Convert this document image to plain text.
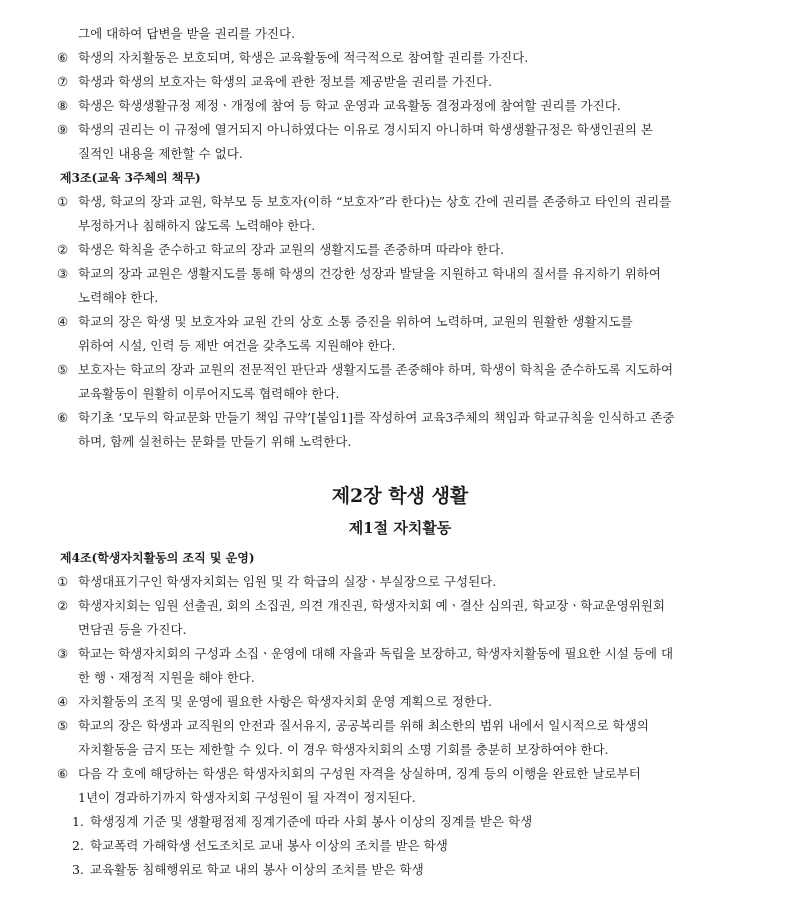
그에 대하여 답변을 받을 권리를 가진다.
⑥ 학생의 자치활동은 보호되며, 학생은 교육활동에 적극적으로 참여할 권리를 가진다.
⑦ 학생과 학생의 보호자는 학생의 교육에 관한 정보를 제공받을 권리를 가진다.
⑧ 학생은 학생생활규정 제정ㆍ개정에 참여 등 학교 운영과 교육활동 결정과정에 참여할 권리를 가진다.
⑨ 학생의 권리는 이 규정에 열거되지 아니하였다는 이유로 경시되지 아니하며 학생생활규정은 학생인권의 본
질적인 내용을 제한할 수 없다.
제3조(교육 3주체의 책무)
① 학생, 학교의 장과 교원, 학부모 등 보호자(이하 “보호자”라 한다)는 상호 간에 권리를 존중하고 타인의 권리를
부정하거나 침해하지 않도록 노력해야 한다.
② 학생은 학칙을 준수하고 학교의 장과 교원의 생활지도를 존중하며 따라야 한다.
③ 학교의 장과 교원은 생활지도를 통해 학생의 건강한 성장과 발달을 지원하고 학내의 질서를 유지하기 위하여
노력해야 한다.
④ 학교의 장은 학생 및 보호자와 교원 간의 상호 소통 증진을 위하여 노력하며, 교원의 원활한 생활지도를
위하여 시설, 인력 등 제반 여건을 갖추도록 지원해야 한다.
⑤ 보호자는 학교의 장과 교원의 전문적인 판단과 생활지도를 존중해야 하며, 학생이 학칙을 준수하도록 지도하여
교육활동이 원활히 이루어지도록 협력해야 한다.
⑥ 학기초 ‘모두의 학교문화 만들기 책임 규약’[붙임1]를 작성하여 교육3주체의 책임과 학교규칙을 인식하고 존중
하며, 함께 실천하는 문화를 만들기 위해 노력한다.
제2장 학생 생활
제1절 자치활동
제4조(학생자치활동의 조직 및 운영)
① 학생대표기구인 학생자치회는 임원 및 각 학급의 실장ㆍ부실장으로 구성된다.
② 학생자치회는 임원 선출권, 회의 소집권, 의견 개진권, 학생자치회 예ㆍ결산 심의권, 학교장ㆍ학교운영위원회
면담권 등을 가진다.
③ 학교는 학생자치회의 구성과 소집ㆍ운영에 대해 자율과 독립을 보장하고, 학생자치활동에 필요한 시설 등에 대
한 행ㆍ재정적 지원을 해야 한다.
④ 자치활동의 조직 및 운영에 필요한 사항은 학생자치회 운영 계획으로 정한다.
⑤ 학교의 장은 학생과 교직원의 안전과 질서유지, 공공복리를 위해 최소한의 범위 내에서 일시적으로 학생의
자치활동을 금지 또는 제한할 수 있다. 이 경우 학생자치회의 소명 기회를 충분히 보장하여야 한다.
⑥ 다음 각 호에 해당하는 학생은 학생자치회의 구성원 자격을 상실하며, 징계 등의 이행을 완료한 날로부터
1년이 경과하기까지 학생자치회 구성원이 될 자격이 정지된다.
1. 학생징계 기준 및 생활평점제 징계기준에 따라 사회 봉사 이상의 징계를 받은 학생
2. 학교폭력 가해학생 선도조치로 교내 봉사 이상의 조치를 받은 학생
3. 교육활동 침해행위로 학교 내의 봉사 이상의 조치를 받은 학생
